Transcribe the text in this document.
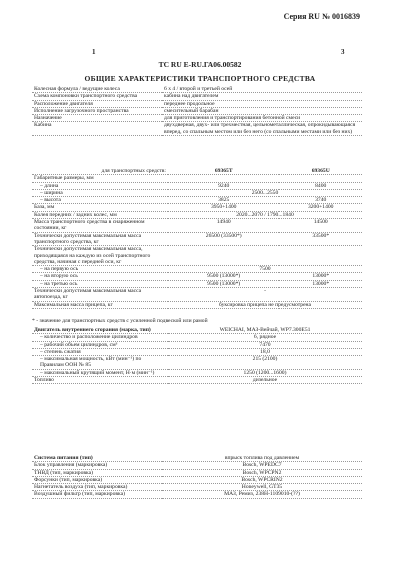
Серия RU № 0016839
1	3
TC RU E-RU.ГА06.00582
ОБЩИЕ ХАРАКТЕРИСТИКИ ТРАНСПОРТНОГО СРЕДСТВА
Колесная формула / ведущие колеса	6 x 4 / второй и третьей осей
Схема компоновки транспортного средства	кабина над двигателем
Расположение двигателя	переднее продольное
Исполнение загрузочного пространства	смесительный барабан
Назначение	для приготовления и транспортирования бетонной смеси
Кабина	двухдверная, двух- или трехместная, цельнометаллическая, опрокидывающаяся вперед, со спальным местом или без него (со спальными местами или без них)
для транспортных средств:	69365T	69365U
Габаритные размеры, мм		
– длина	9240	8400
– ширина	2500...2550	
– высота	3825	3740
База, мм	3950+1400	3200+1400
Колея передних / задних колес, мм	2020...2070 / 1790...1840	
Масса транспортного средства в снаряженном состоянии, кг	14940	14500
Технически допустимая максимальная масса транспортного средства, кг	26500 (33500*)	33500*
Технически допустимая максимальная масса, приходящаяся на каждую из осей транспортного средства, начиная с передней оси, кг		
– на первую ось	7500	
– на вторую ось	9500 (13000*)	13000*
– на третью ось	9500 (13000*)	13000*
Технически допустимая максимальная масса автопоезда, кг	-	
Максимальная масса прицепа, кг	буксировка прицепа не предусмотрена	
* - значение для транспортных средств с усиленной подвеской или рамой
Двигатель внутреннего сгорания (марка, тип)	WEICHAI, МАЗ-Вейчай, WP7.300E51
– количество и расположение цилиндров	6, рядное
– рабочий объем цилиндров, см³	7470
– степень сжатия	18,0
– максимальная мощность, кВт (мин⁻¹) по Правилам ООН № 85	215 (2100)
– максимальный крутящий момент, Н·м (мин⁻¹)	1250 (1200...1600)
Топливо	дизельное
Система питания (тип)	впрыск топлива под давлением
Блок управления (маркировка)	Bosch, WPEDC7
ТНВД (тип, маркировка)	Bosch, WPCPN2
Форсунки (тип, маркировка)	Bosch, WPCRIN2
Нагнетатель воздуха (тип, маркировка)	Honeywell, GT35
Воздушный фильтр (тип, маркировка)	МАЗ, Ремиз, 238Н-1109010-(??)
